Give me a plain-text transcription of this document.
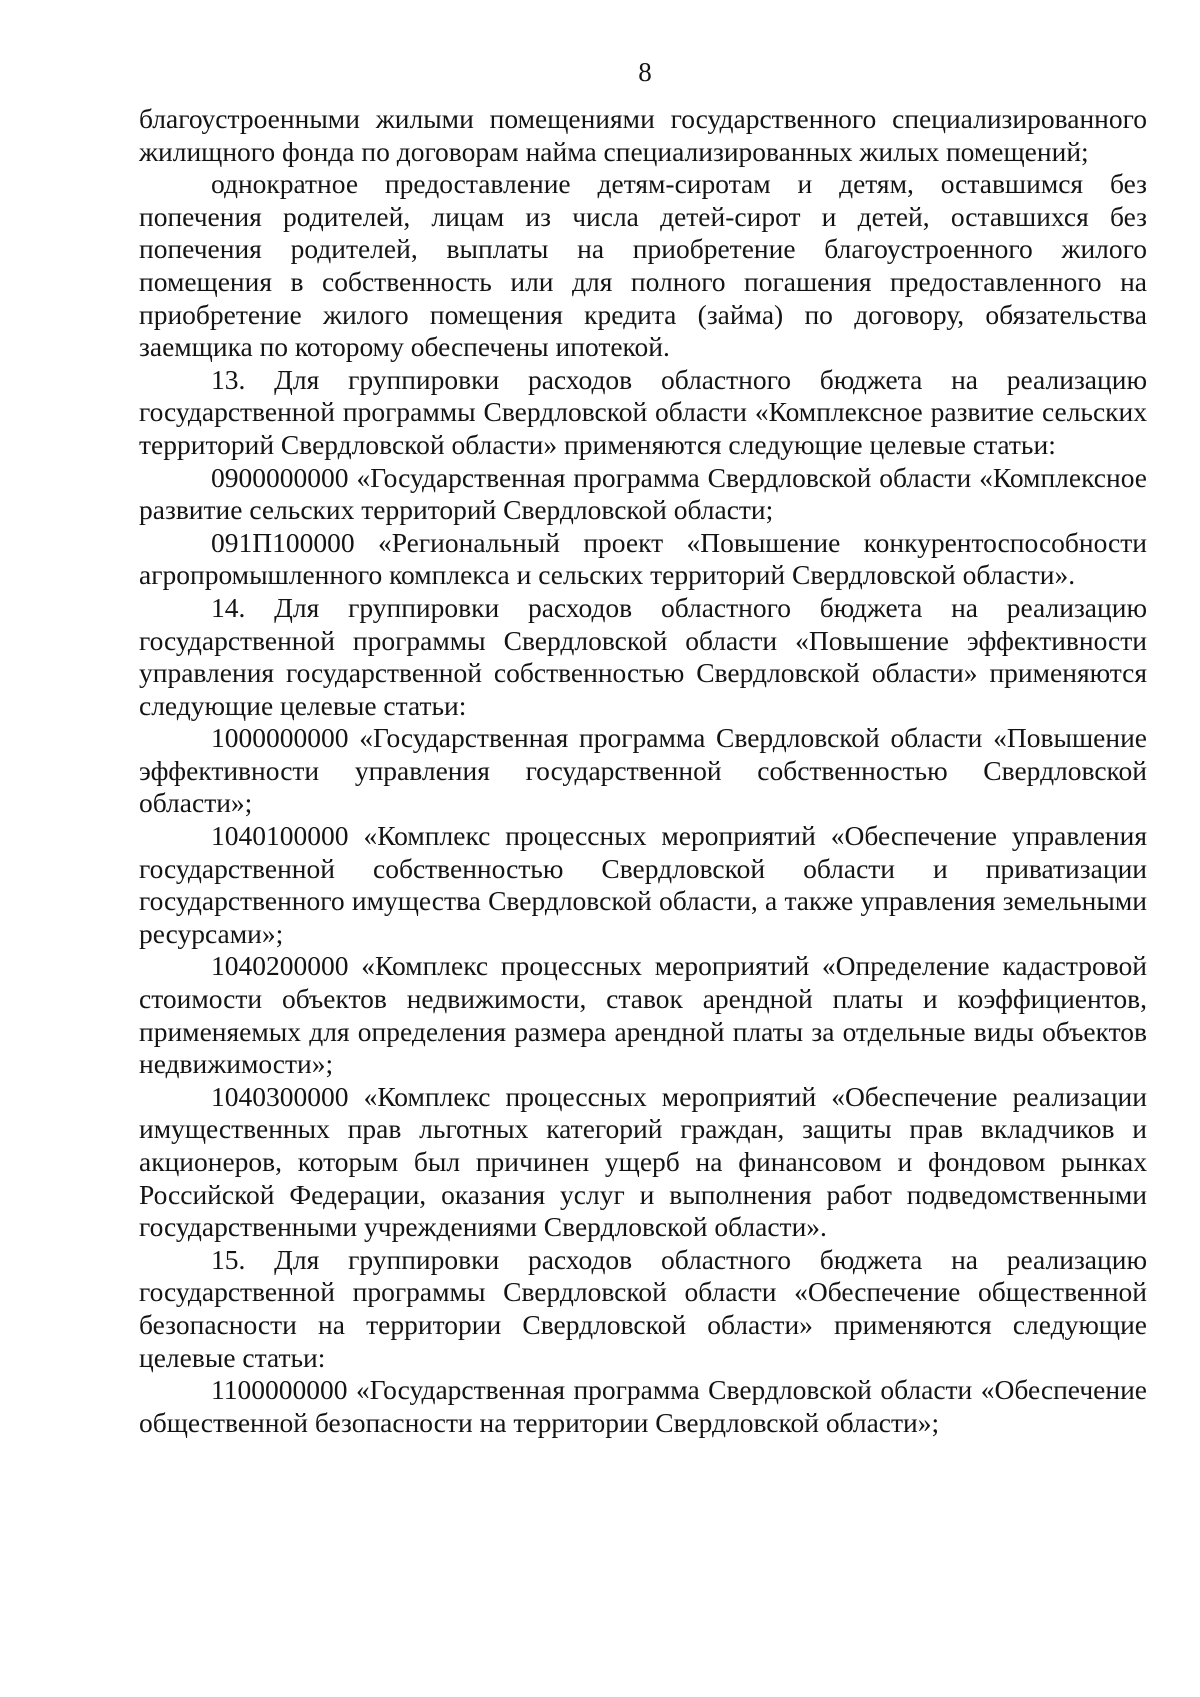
8

благоустроенными жилыми помещениями государственного специализированного жилищного фонда по договорам найма специализированных жилых помещений;

однократное предоставление детям-сиротам и детям, оставшимся без попечения родителей, лицам из числа детей-сирот и детей, оставшихся без попечения родителей, выплаты на приобретение благоустроенного жилого помещения в собственность или для полного погашения предоставленного на приобретение жилого помещения кредита (займа) по договору, обязательства заемщика по которому обеспечены ипотекой.

13. Для группировки расходов областного бюджета на реализацию государственной программы Свердловской области «Комплексное развитие сельских территорий Свердловской области» применяются следующие целевые статьи:

0900000000 «Государственная программа Свердловской области «Комплексное развитие сельских территорий Свердловской области;

091П100000 «Региональный проект «Повышение конкурентоспособности агропромышленного комплекса и сельских территорий Свердловской области».

14. Для группировки расходов областного бюджета на реализацию государственной программы Свердловской области «Повышение эффективности управления государственной собственностью Свердловской области» применяются следующие целевые статьи:

1000000000 «Государственная программа Свердловской области «Повышение эффективности управления государственной собственностью Свердловской области»;

1040100000 «Комплекс процессных мероприятий «Обеспечение управления государственной собственностью Свердловской области и приватизации государственного имущества Свердловской области, а также управления земельными ресурсами»;

1040200000 «Комплекс процессных мероприятий «Определение кадастровой стоимости объектов недвижимости, ставок арендной платы и коэффициентов, применяемых для определения размера арендной платы за отдельные виды объектов недвижимости»;

1040300000 «Комплекс процессных мероприятий «Обеспечение реализации имущественных прав льготных категорий граждан, защиты прав вкладчиков и акционеров, которым был причинен ущерб на финансовом и фондовом рынках Российской Федерации, оказания услуг и выполнения работ подведомственными государственными учреждениями Свердловской области».

15. Для группировки расходов областного бюджета на реализацию государственной программы Свердловской области «Обеспечение общественной безопасности на территории Свердловской области» применяются следующие целевые статьи:

1100000000 «Государственная программа Свердловской области «Обеспечение общественной безопасности на территории Свердловской области»;
